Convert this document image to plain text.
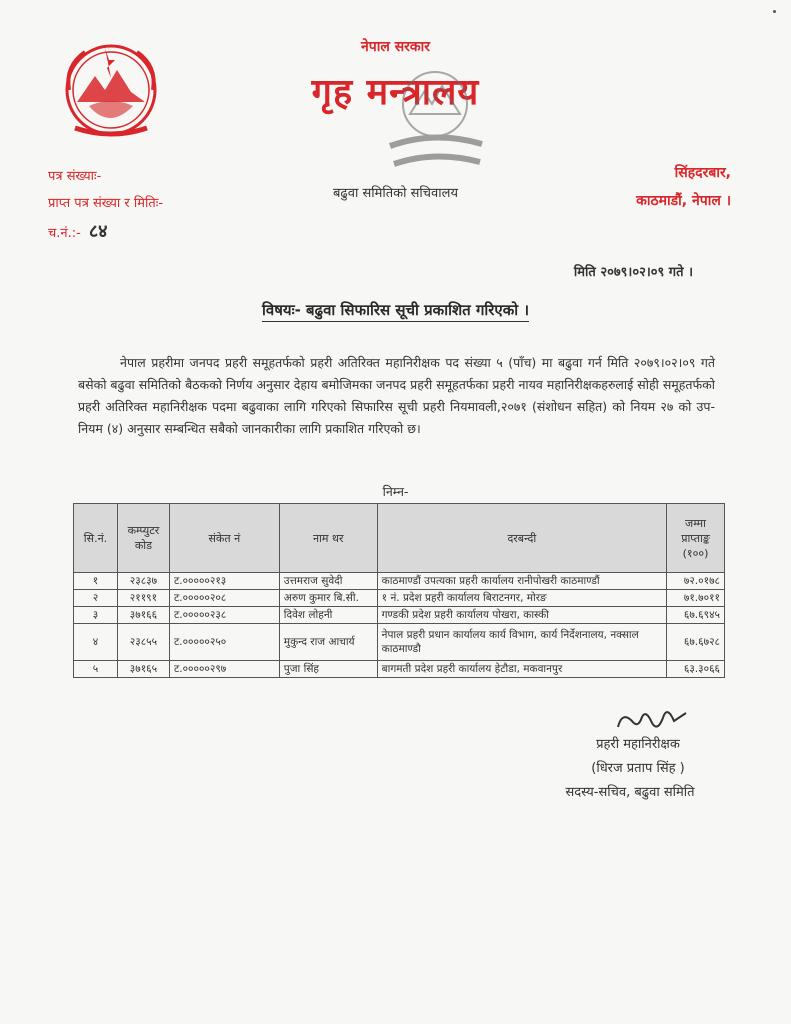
नेपाल सरकार
गृह मन्त्रालय
बढुवा समितिको सचिवालय
पत्र संख्याः-
प्राप्त पत्र संख्या र मितिः-
च.नं.:- ८४
सिंहदरबार,
काठमाडौं, नेपाल ।
मिति २०७९।०२।०९ गते ।
विषयः- बढुवा सिफारिस सूची प्रकाशित गरिएको ।
नेपाल प्रहरीमा जनपद प्रहरी समूहतर्फको प्रहरी अतिरिक्त महानिरीक्षक पद संख्या ५ (पाँच) मा बढुवा गर्न मिति २०७९।०२।०९ गते बसेको बढुवा समितिको बैठकको निर्णय अनुसार देहाय बमोजिमका जनपद प्रहरी समूहतर्फका प्रहरी नायव महानिरीक्षकहरुलाई सोही समूहतर्फको प्रहरी अतिरिक्त महानिरीक्षक पदमा बढुवाका लागि गरिएको सिफारिस सूची प्रहरी नियमावली,२०७१ (संशोधन सहित) को नियम २७ को उप-नियम (४) अनुसार सम्बन्धित सबैको जानकारीका लागि प्रकाशित गरिएको छ।
निम्न-
सि.नं.	कम्प्युटर कोड	संकेत नं	नाम थर	दरबन्दी	जम्मा प्राप्ताङ्क (१००)
१	२३८३७	ट.०००००२१३	उत्तमराज सुवेदी	काठमाण्डौं उपत्यका प्रहरी कार्यालय रानीपोखरी काठमाण्डौं	७२.०१७८
२	२११९१	ट.०००००२०८	अरुण कुमार बि.सी.	१ नं. प्रदेश प्रहरी कार्यालय बिराटनगर, मोरङ	७१.७०११
३	३७१६६	ट.०००००२३८	दिवेश लोहनी	गण्डकी प्रदेश प्रहरी कार्यालय पोखरा, कास्की	६७.६९४५
४	२३८५५	ट.०००००२५०	मुकुन्द राज आचार्य	नेपाल प्रहरी प्रधान कार्यालय कार्य विभाग, कार्य निर्देशनालय, नक्साल काठमाण्डौ	६७.६७२८
५	३७१६५	ट.०००००२९७	पुजा सिंह	बागमती प्रदेश प्रहरी कार्यालय हेटौडा, मकवानपुर	६३.३०६६
प्रहरी महानिरीक्षक
(धिरज प्रताप सिंह )
सदस्य-सचिव, बढुवा समिति
